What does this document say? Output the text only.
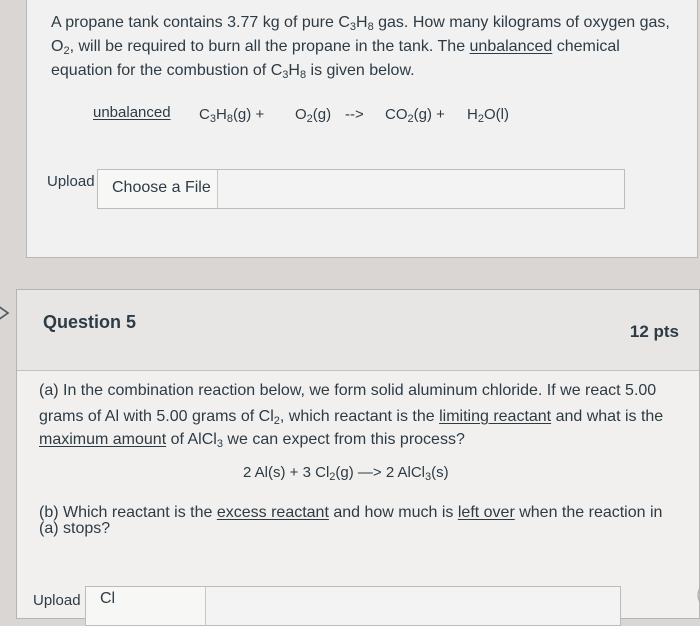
A propane tank contains 3.77 kg of pure $C_3H_8$ gas. How many kilograms of oxygen gas,
$O_2$, will be required to burn all the propane in the tank. The unbalanced chemical
equation for the combustion of $C_3H_8$ is given below.
unbalanced $C_3H_8(g) + O_2(g)$ --> $CO_2(g) + H_2O(l)$
Upload	Choose a File
Question 5	12 pts
(a) In the combination reaction below, we form solid aluminum chloride. If we react 5.00
grams of Al with 5.00 grams of $Cl_2$, which reactant is the limiting reactant and what is the
maximum amount of AlCl$_3$ we can expect from this process?
2 Al(s) + 3 $Cl_2(g)$ —> 2 AlCl$_3$(s)
(b) Which reactant is the excess reactant and how much is left over when the reaction in
(a) stops?
Upload	Cl
